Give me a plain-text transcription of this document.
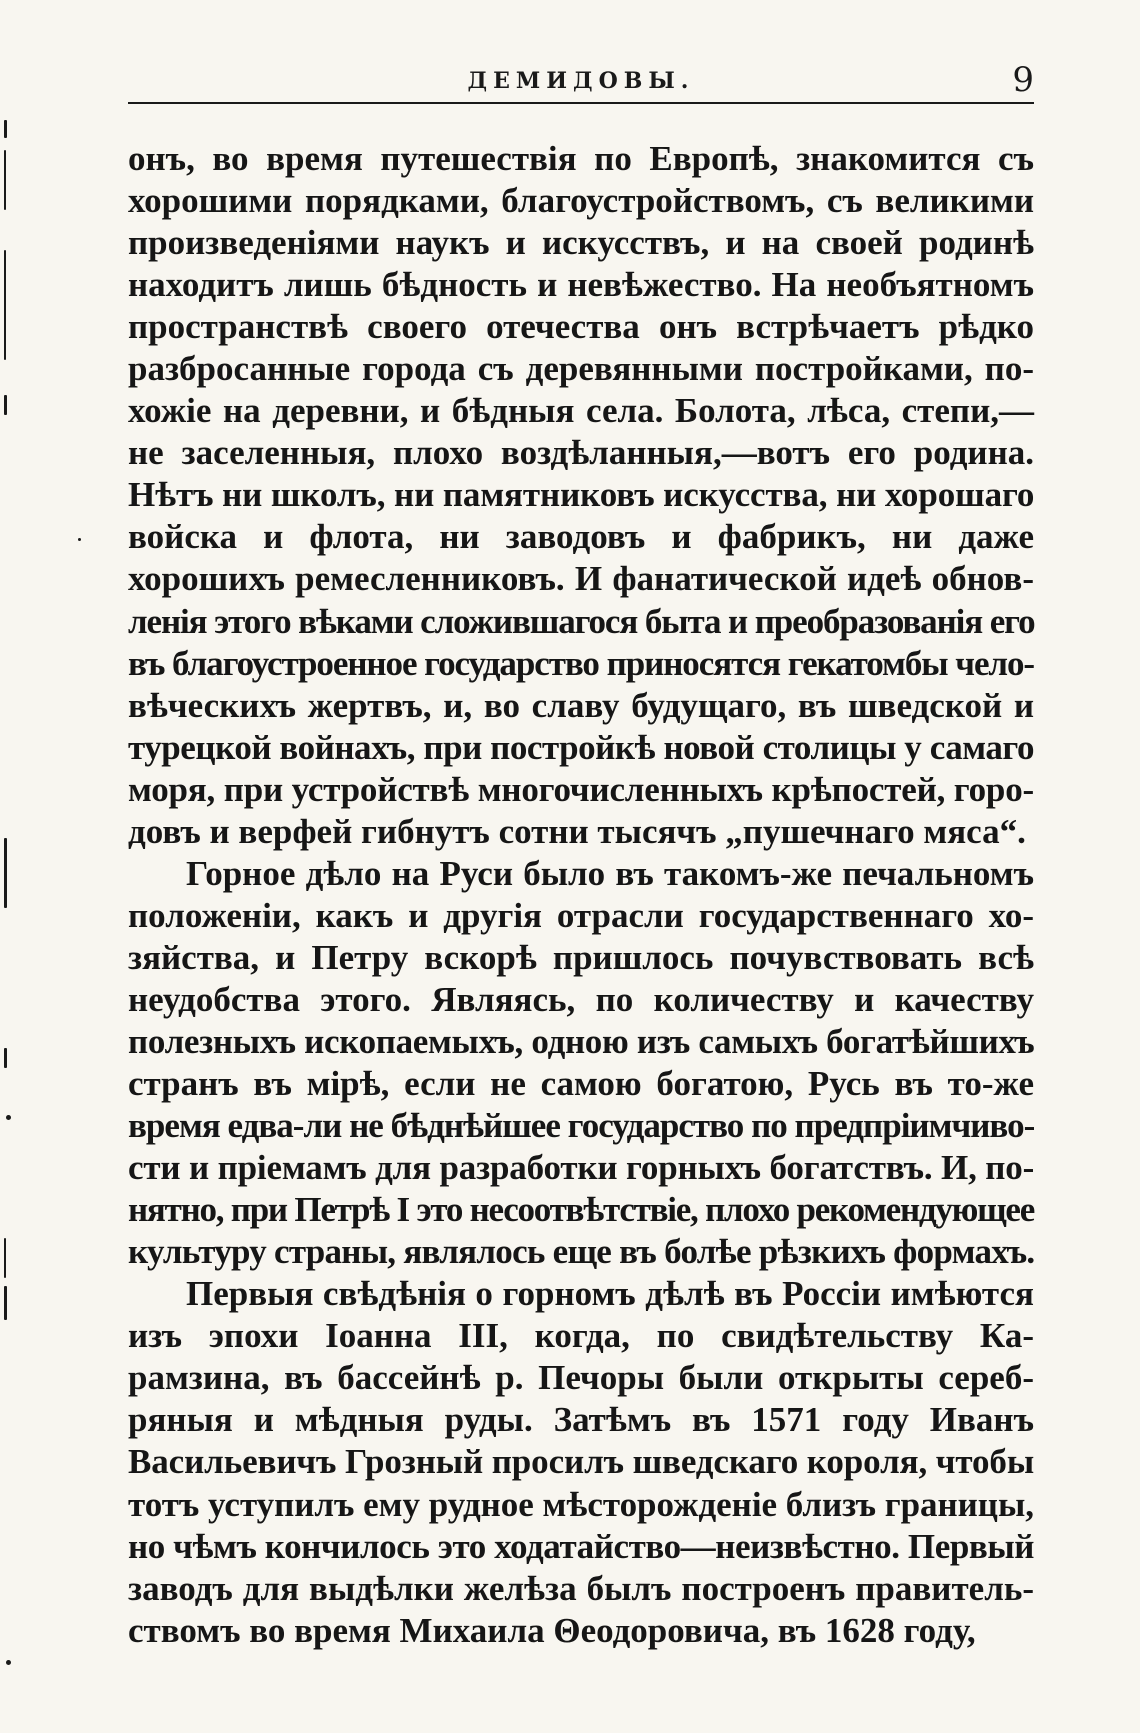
ДЕМИДОВЫ.	9
онъ, во время путешествія по Европѣ, знакомится съ
хорошими порядками, благоустройствомъ, съ великими
произведеніями наукъ и искусствъ, и на своей родинѣ
находитъ лишь бѣдность и невѣжество. На необъятномъ
пространствѣ своего отечества онъ встрѣчаетъ рѣдко
разбросанные города съ деревянными постройками, по-
хожіе на деревни, и бѣдныя села. Болота, лѣса, степи,—
не заселенныя, плохо воздѣланныя,—вотъ его родина.
Нѣтъ ни школъ, ни памятниковъ искусства, ни хорошаго
войска и флота, ни заводовъ и фабрикъ, ни даже
хорошихъ ремесленниковъ. И фанатической идеѣ обнов-
ленія этого вѣками сложившагося быта и преобразованія его
въ благоустроенное государство приносятся гекатомбы чело-
вѣческихъ жертвъ, и, во славу будущаго, въ шведской и
турецкой войнахъ, при постройкѣ новой столицы у самаго
моря, при устройствѣ многочисленныхъ крѣпостей, горо-
довъ и верфей гибнутъ сотни тысячъ „пушечнаго мяса“.
Горное дѣло на Руси было въ такомъ-же печальномъ
положеніи, какъ и другія отрасли государственнаго хо-
зяйства, и Петру вскорѣ пришлось почувствовать всѣ
неудобства этого. Являясь, по количеству и качеству
полезныхъ ископаемыхъ, одною изъ самыхъ богатѣйшихъ
странъ въ мірѣ, если не самою богатою, Русь въ то-же
время едва-ли не бѣднѣйшее государство по предпріимчиво-
сти и пріемамъ для разработки горныхъ богатствъ. И, по-
нятно, при Петрѣ I это несоотвѣтствіе, плохо рекомендующее
культуру страны, являлось еще въ болѣе рѣзкихъ формахъ.
Первыя свѣдѣнія о горномъ дѣлѣ въ Россіи имѣются
изъ эпохи Іоанна III, когда, по свидѣтельству Ка-
рамзина, въ бассейнѣ р. Печоры были открыты сереб-
ряныя и мѣдныя руды. Затѣмъ въ 1571 году Иванъ
Васильевичъ Грозный просилъ шведскаго короля, чтобы
тотъ уступилъ ему рудное мѣсторожденіе близъ границы,
но чѣмъ кончилось это ходатайство—неизвѣстно. Первый
заводъ для выдѣлки желѣза былъ построенъ правитель-
ствомъ во время Михаила Θеодоровича, въ 1628 году,
